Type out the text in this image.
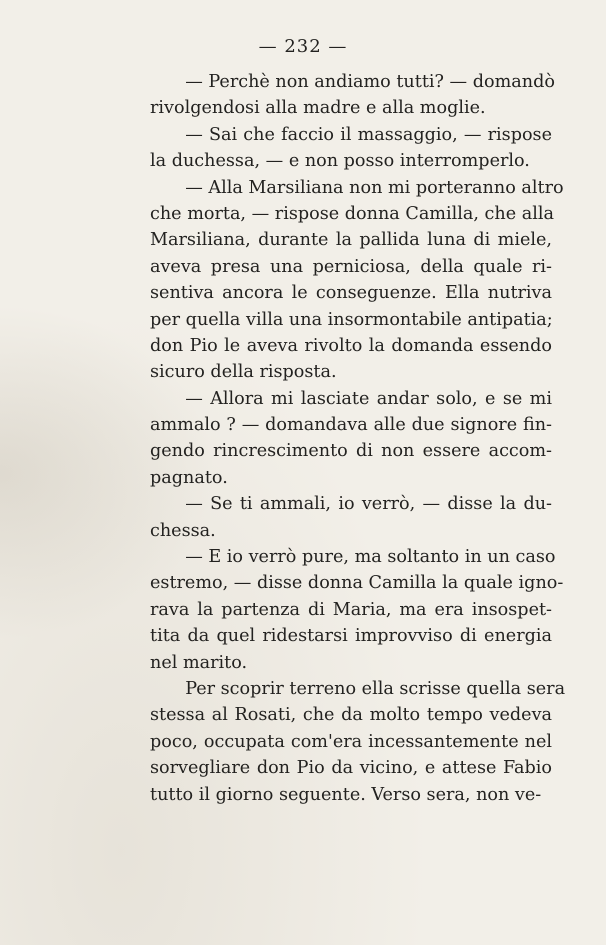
— 232 —
  — Perchè non andiamo tutti? — domandò
rivolgendosi alla madre e alla moglie.
  — Sai che faccio il massaggio, — rispose
la duchessa, — e non posso interromperlo.
  — Alla Marsiliana non mi porteranno altro
che morta, — rispose donna Camilla, che alla
Marsiliana, durante la pallida luna di miele,
aveva presa una perniciosa, della quale ri-
sentiva ancora le conseguenze. Ella nutriva
per quella villa una insormontabile antipatia;
don Pio le aveva rivolto la domanda essendo
sicuro della risposta.
  — Allora mi lasciate andar solo, e se mi
ammalo ? — domandava alle due signore fin-
gendo rincrescimento di non essere accom-
pagnato.
  — Se ti ammali, io verrò, — disse la du-
chessa.
  — E io verrò pure, ma soltanto in un caso
estremo, — disse donna Camilla la quale igno-
rava la partenza di Maria, ma era insospet-
tita da quel ridestarsi improvviso di energia
nel marito.
  Per scoprir terreno ella scrisse quella sera
stessa al Rosati, che da molto tempo vedeva
poco, occupata com'era incessantemente nel
sorvegliare don Pio da vicino, e attese Fabio
tutto il giorno seguente. Verso sera, non ve-
